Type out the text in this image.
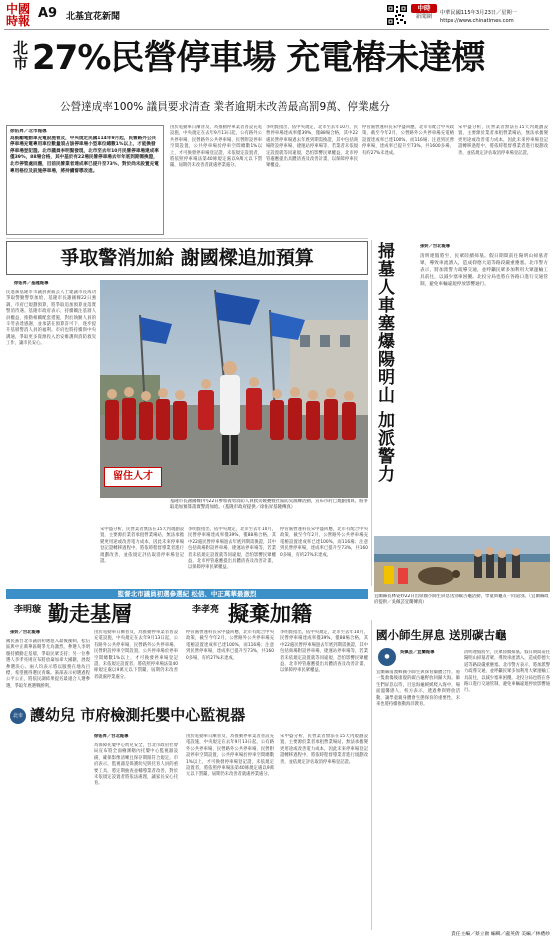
中國
時報 A9 北基宜花新聞
中時
新聞網
中華民國115年3月23日／星期一
https://www.chinatimes.com
北市 27%民營停車場 充電樁未達標
公營達成率100% 議員要求清查 業者逾期未改善最高罰9萬、停業處分
徐佑昇／北市報導
為鼓勵電動車充電設施普及，中央規定民國114年9月起，民營路外公共停車場充電專用車位數量須占該停車場小型車位總數1%以上，才能換發停車場登記證。北市議員李明賢發現，北市至去年10月民營停車場達成率僅39%，88場合格，其中基於有22場民營停車場去年年底到期需換證，北市停管處回應，目前民營業者達成率已提升至73%，對於尚未設置充電專用格位及設施停車場，將持續督導改進。
由於電動車日漸普及，為推動停車業者普設充電設施，中央規定在去年9月13日起，公有路外公共停車場、民營路外公共停車場、民營附設停車空間設置，公共停車場於停車空間總數1%以上，才可換發停車場登記證，未依規定設置者，將依照停車場法第40條規定處以9萬元以下罰鍰，屆期仍未改善者就處停業處分。
李明賢指出，依中央規定，北市至去年10月，民營停車場達成率僅39%，僅88場合格，其中22處民營停車場過去年底到期需換證，其中包括商場附設停車場、捷運站停車場等，若業者未依規定設置就等同違規，恐怕影響民眾權益，北市停管處應提出具體清查及改善計畫，以保障停車民眾權益。
停管處營運科長宋中盛回應，北市有配合中央政策，截至今年2月，公營路外公共停車場充電樁設置達成率已達100%，而116場；注意到民營停車場，達成率已提升至73%，共1600多場，有約27%未達成。
宋中盛分析，民營業者無法在15天內規劃設置，主要源於業者承租營業場站，無法承擔變更用途或改善電力成本，因此未來停車場登記證轉移過程中，將依時程督導業者進行規劃改善，並依規定評估取消停車場登記證。
爭取警消加給 謝國樑追加預算
徐佑昇／基隆報導
民進黨基隆市市議員黃筱芸人士建議市長成功爭取警勤警察加給，基隆市長謝國樑22日強調，市府已規劃預算，將爭取追加預算並落實警消待遇。基隆市政府表示，持續關注基層人員權益，推動相關配套措施，對於執勤人員的辛勞表達感謝，並承諾在預算許可下，逐步提升基層警消人員的福利。市府也將持續與中央溝通，爭取更多資源投入治安維護與消防救災工作，讓市民安心。
留住人才
基隆市長謝國樑(中)22日參加義勇消防人員救災競賽暨社區防災演練活動，宣布市府已規劃預算，將爭取追加預算落實警消加給。（基隆市政府提供／徐佑昇基隆傳真）
宋中盛分析，民營業者無法在15天內規劃設置，主要源於業者承租營業場站，無法承擔變更用途或改善電力成本，因此未來停車場登記證轉移過程中，將依時程督導業者進行規劃改善，並依規定評估取消停車場登記證。
李明賢指出，依中央規定，北市至去年10月，民營停車場達成率僅39%，僅88場合格，其中22處民營停車場過去年底到期需換證，其中包括商場附設停車場、捷運站停車場等，若業者未依規定設置就等同違規，恐怕影響民眾權益，北市停管處應提出具體清查及改善計畫，以保障停車民眾權益。
停管處營運科長宋中盛回應，北市有配合中央政策，截至今年2月，公營路外公共停車場充電樁設置達成率已達100%，而116場；注意到民營停車場，達成率已提升至73%，共1600多場，有約27%未達成。
掃墓人車塞爆陽明山 加派警力	孫妍／台北報導
清明連假將至，民眾陸續掃墓。假日期間前往陽明山掃墓者眾，導致車流湧入，造成仰德大道等路段嚴重壅塞。北市警方表示，將加派警力疏導交通，並呼籲民眾多加利用大眾運輸工具前往，以減少塞車困擾。北投分局也將在各路口進行交通管制，避免車輛違規停放影響通行。
宜蘭縣長林姿妙22日出席國小師生屏息送別碳古龜活動，學童與龜友一同道別。（宜蘭縣政府提供／吳佩芸宜蘭傳真）
監督北市議員初選參選紀 松信、中正萬華最激烈
李明璇 勤走基層	李孝亮 擬棄加籍
孫妍／台北報導
國民黨台北市議員初選進入最後衝刺，松信區與中正萬華區競爭尤為激烈。參選人李明璇持續勤走基層，爭取民眾支持；另一位參選人李孝亮則宣布將放棄加拿大國籍，展現參選決心。兩人均表示將以服務在地為目標，希望獲得選民青睞。黨部表示初選過程公平公正，將依民調結果提名最適合人選參選，爭取年底選戰勝利。
由於電動車日漸普及，為推動停車業者普設充電設施，中央規定在去年9月13日起，公有路外公共停車場、民營路外公共停車場、民營附設停車空間設置，公共停車場於停車空間總數1%以上，才可換發停車場登記證，未依規定設置者，將依照停車場法第40條規定處以9萬元以下罰鍰，屆期仍未改善者就處停業處分。
停管處營運科長宋中盛回應，北市有配合中央政策，截至今年2月，公營路外公共停車場充電樁設置達成率已達100%，而116場；注意到民營停車場，達成率已提升至73%，共1600多場，有約27%未達成。
李明賢指出，依中央規定，北市至去年10月，民營停車場達成率僅39%，僅88場合格，其中22處民營停車場過去年底到期需換證，其中包括商場附設停車場、捷運站停車場等，若業者未依規定設置就等同違規，恐怕影響民眾權益，北市停管處應提出具體清查及改善計畫，以保障停車民眾權益。
國小師生屏息 送別碳古龜
吳佩芸／宜蘭報導
●
宜蘭縣南澳鄉國小師生與保育團體合作，將一隻救傷後康復的碳古龜野放回歸大海。師生們屏息以待，目送海龜緩緩爬入海中，場面溫馨感人。校方表示，透過參與野放活動，讓學童親身體會生態保育的重要性，未來也將持續推動海洋教育。
清明連假將至，民眾陸續掃墓。假日期間前往陽明山掃墓者眾，導致車流湧入，造成仰德大道等路段嚴重壅塞。北市警方表示，將加派警力疏導交通，並呼籲民眾多加利用大眾運輸工具前往，以減少塞車困擾。北投分局也將在各路口進行交通管制，避免車輛違規停放影響通行。
北市 護幼兒 市府檢測托嬰中心監視器
徐佑昇／台北報導
為保障托嬰中心幼兒安全，台北市政府社會局宣布將全面檢測轄內托嬰中心監視器設備，確保影像清晰且保存期限符合規定。市府表示，監視器是保護幼兒與托育人員的重要工具，將定期抽查並輔導業者改善，對於未依規定設置者將依法處理，讓家長安心托育。
由於電動車日漸普及，為推動停車業者普設充電設施，中央規定在去年9月13日起，公有路外公共停車場、民營路外公共停車場、民營附設停車空間設置，公共停車場於停車空間總數1%以上，才可換發停車場登記證，未依規定設置者，將依照停車場法第40條規定處以9萬元以下罰鍰，屆期仍未改善者就處停業處分。
宋中盛分析，民營業者無法在15天內規劃設置，主要源於業者承租營業場站，無法承擔變更用途或改善電力成本，因此未來停車場登記證轉移過程中，將依時程督導業者進行規劃改善，並依規定評估取消停車場登記證。
責任主編／蔡立勛 編輯／盧英倩 美編／林禮紗
